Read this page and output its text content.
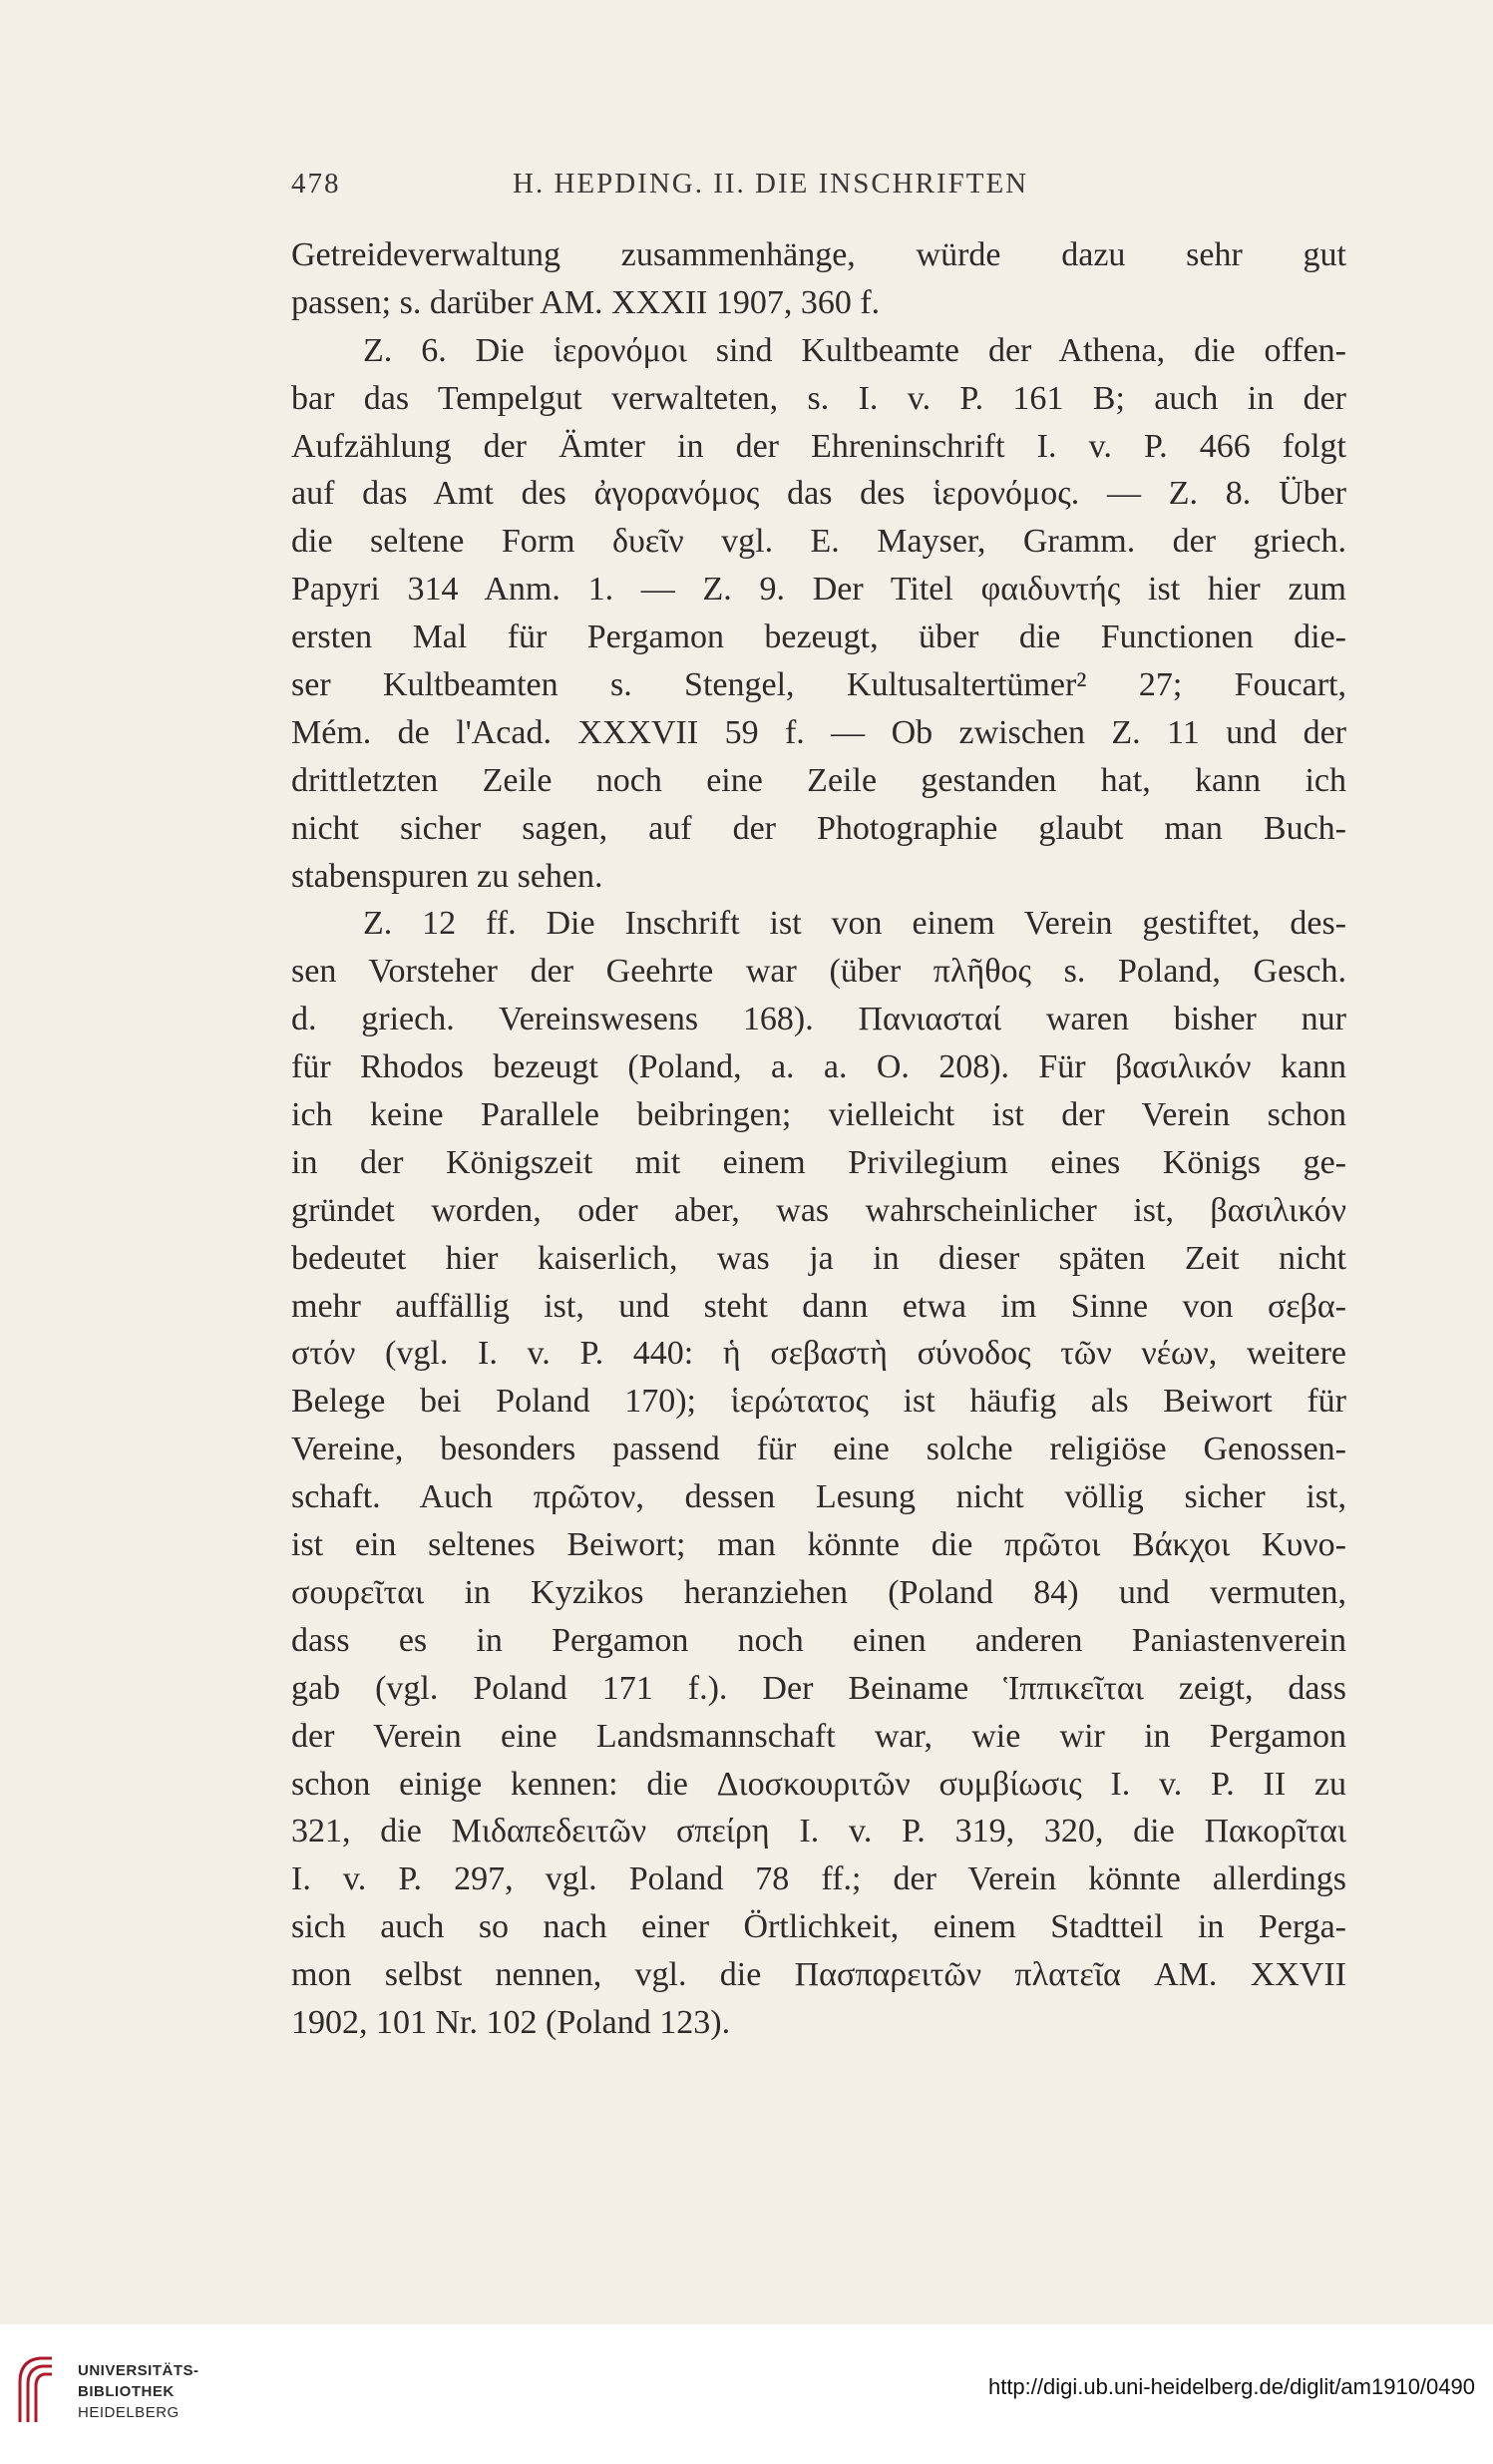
478	H. HEPDING. II. DIE INSCHRIFTEN
Getreideverwaltung zusammenhänge, würde dazu sehr gut
passen; s. darüber AM. XXXII 1907, 360 f.
Z. 6. Die ἱερονόμοι sind Kultbeamte der Athena, die offen-
bar das Tempelgut verwalteten, s. I. v. P. 161 B; auch in der
Aufzählung der Ämter in der Ehreninschrift I. v. P. 466 folgt
auf das Amt des ἀγορανόμος das des ἱερονόμος. — Z. 8. Über
die seltene Form δυεῖν vgl. E. Mayser, Gramm. der griech.
Papyri 314 Anm. 1. — Z. 9. Der Titel φαιδυντής ist hier zum
ersten Mal für Pergamon bezeugt, über die Functionen die-
ser Kultbeamten s. Stengel, Kultusaltertümer² 27; Foucart,
Mém. de l'Acad. XXXVII 59 f. — Ob zwischen Z. 11 und der
drittletzten Zeile noch eine Zeile gestanden hat, kann ich
nicht sicher sagen, auf der Photographie glaubt man Buch-
stabenspuren zu sehen.
Z. 12 ff. Die Inschrift ist von einem Verein gestiftet, des-
sen Vorsteher der Geehrte war (über πλῆθος s. Poland, Gesch.
d. griech. Vereinswesens 168). Πανιασταί waren bisher nur
für Rhodos bezeugt (Poland, a. a. O. 208). Für βασιλικόν kann
ich keine Parallele beibringen; vielleicht ist der Verein schon
in der Königszeit mit einem Privilegium eines Königs ge-
gründet worden, oder aber, was wahrscheinlicher ist, βασιλικόν
bedeutet hier kaiserlich, was ja in dieser späten Zeit nicht
mehr auffällig ist, und steht dann etwa im Sinne von σεβα-
στόν (vgl. I. v. P. 440: ἡ σεβαστὴ σύνοδος τῶν νέων, weitere
Belege bei Poland 170); ἱερώτατος ist häufig als Beiwort für
Vereine, besonders passend für eine solche religiöse Genossen-
schaft. Auch πρῶτον, dessen Lesung nicht völlig sicher ist,
ist ein seltenes Beiwort; man könnte die πρῶτοι Βάκχοι Κυνο-
σουρεῖται in Kyzikos heranziehen (Poland 84) und vermuten,
dass es in Pergamon noch einen anderen Paniastenverein
gab (vgl. Poland 171 f.). Der Beiname Ἱππικεῖται zeigt, dass
der Verein eine Landsmannschaft war, wie wir in Pergamon
schon einige kennen: die Διοσκουριτῶν συμβίωσις I. v. P. II zu
321, die Μιδαπεδειτῶν σπείρη I. v. P. 319, 320, die Πακορῖται
I. v. P. 297, vgl. Poland 78 ff.; der Verein könnte allerdings
sich auch so nach einer Örtlichkeit, einem Stadtteil in Perga-
mon selbst nennen, vgl. die Πασπαρειτῶν πλατεῖα AM. XXVII
1902, 101 Nr. 102 (Poland 123).
UNIVERSITÄTS-
BIBLIOTHEK
HEIDELBERG
http://digi.ub.uni-heidelberg.de/diglit/am1910/0490
